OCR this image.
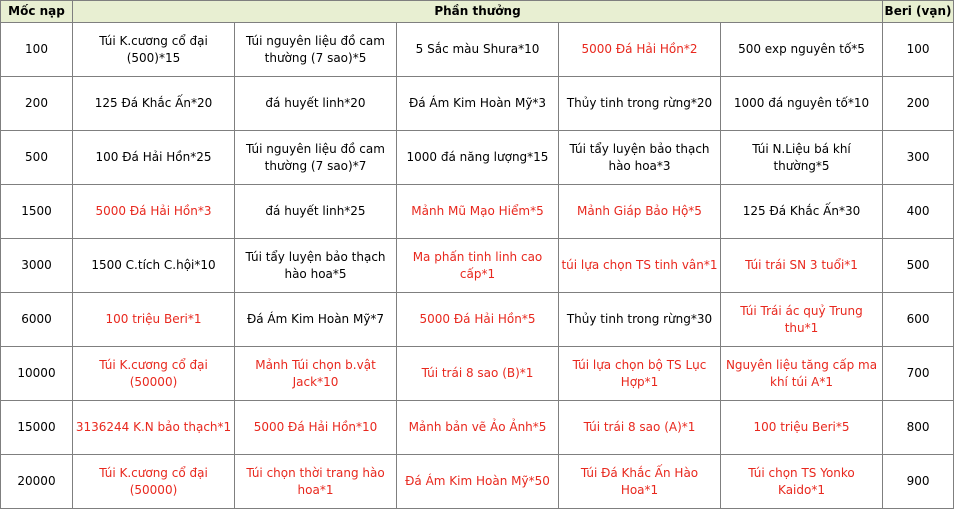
Mốc nạp	Phần thưởng					Beri (vạn)
100	Túi K.cương cổ đại (500)*15	Túi nguyên liệu đồ cam thường (7 sao)*5	5 Sắc màu Shura*10	5000 Đá Hải Hồn*2	500 exp nguyên tố*5	100
200	125 Đá Khắc Ấn*20	đá huyết linh*20	Đá Ám Kim Hoàn Mỹ*3	Thủy tinh trong rừng*20	1000 đá nguyên tố*10	200
500	100 Đá Hải Hồn*25	Túi nguyên liệu đồ cam thường (7 sao)*7	1000 đá năng lượng*15	Túi tẩy luyện bảo thạch hào hoa*3	Túi N.Liệu bá khí thường*5	300
1500	5000 Đá Hải Hồn*3	đá huyết linh*25	Mảnh Mũ Mạo Hiểm*5	Mảnh Giáp Bảo Hộ*5	125 Đá Khắc Ấn*30	400
3000	1500 C.tích C.hội*10	Túi tẩy luyện bảo thạch hào hoa*5	Ma phấn tinh linh cao cấp*1	túi lựa chọn TS tinh vân*1	Túi trái SN 3 tuổi*1	500
6000	100 triệu Beri*1	Đá Ám Kim Hoàn Mỹ*7	5000 Đá Hải Hồn*5	Thủy tinh trong rừng*30	Túi Trái ác quỷ Trung thu*1	600
10000	Túi K.cương cổ đại (50000)	Mảnh Túi chọn b.vật Jack*10	Túi trái 8 sao (B)*1	Túi lựa chọn bộ TS Lục Hợp*1	Nguyên liệu tăng cấp ma khí túi A*1	700
15000	3136244 K.N bảo thạch*1	5000 Đá Hải Hồn*10	Mảnh bản vẽ Ảo Ảnh*5	Túi trái 8 sao (A)*1	100 triệu Beri*5	800
20000	Túi K.cương cổ đại (50000)	Túi chọn thời trang hào hoa*1	Đá Ám Kim Hoàn Mỹ*50	Túi Đá Khắc Ấn Hào Hoa*1	Túi chọn TS Yonko Kaido*1	900
